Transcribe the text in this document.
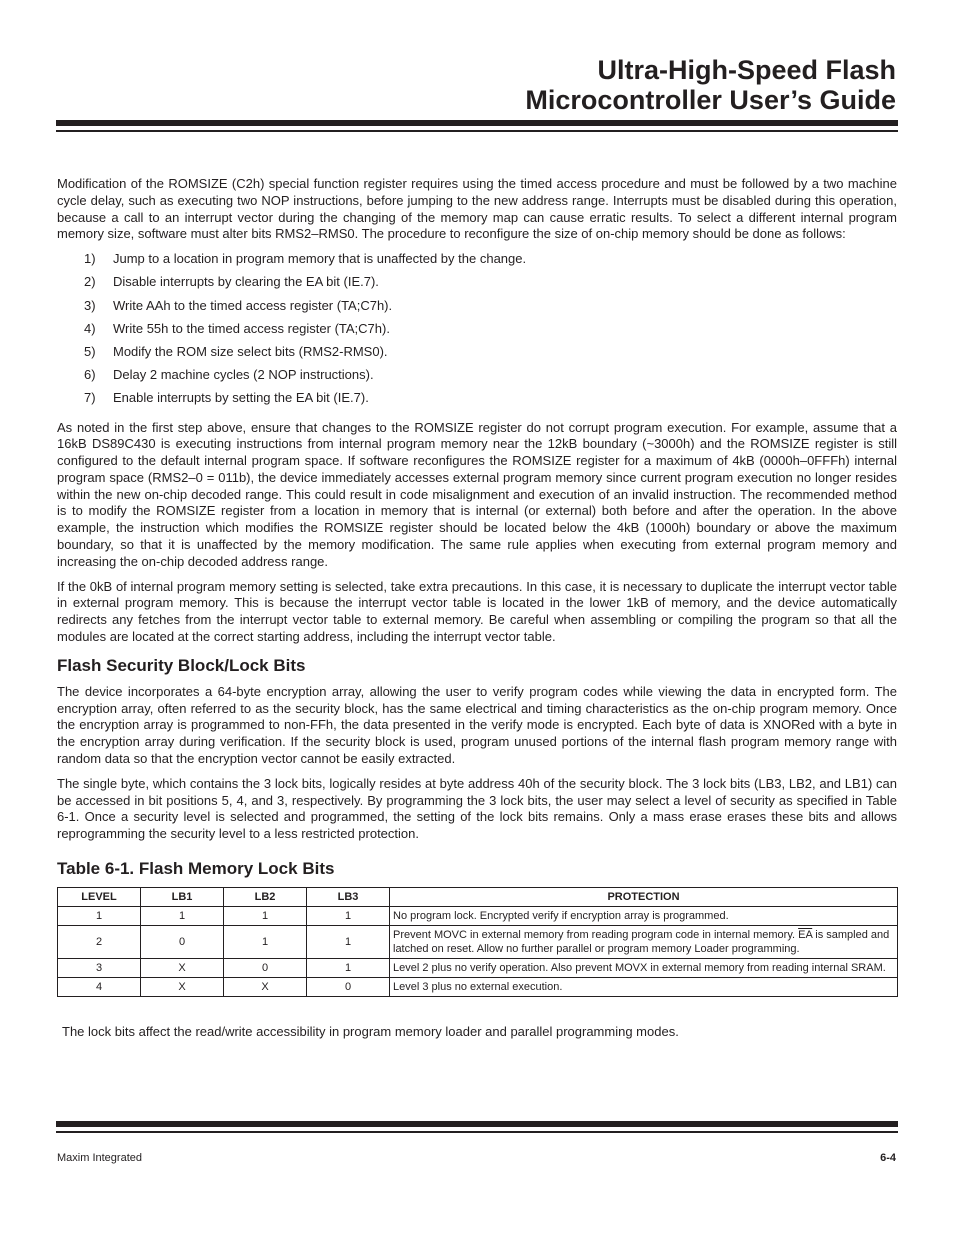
Ultra-High-Speed Flash
Microcontroller User’s Guide

Modification of the ROMSIZE (C2h) special function register requires using the timed access procedure and must be followed by a two machine cycle delay, such as executing two NOP instructions, before jumping to the new address range. Interrupts must be disabled during this operation, because a call to an interrupt vector during the changing of the memory map can cause erratic results. To select a different internal program memory size, software must alter bits RMS2–RMS0. The procedure to reconfigure the size of on-chip memory should be done as follows:

1)	Jump to a location in program memory that is unaffected by the change.
2)	Disable interrupts by clearing the EA bit (IE.7).
3)	Write AAh to the timed access register (TA;C7h).
4)	Write 55h to the timed access register (TA;C7h).
5)	Modify the ROM size select bits (RMS2-RMS0).
6)	Delay 2 machine cycles (2 NOP instructions).
7)	Enable interrupts by setting the EA bit (IE.7).

As noted in the first step above, ensure that changes to the ROMSIZE register do not corrupt program execution. For example, assume that a 16kB DS89C430 is executing instructions from internal program memory near the 12kB boundary (~3000h) and the ROMSIZE register is still configured to the default internal program space. If software reconfigures the ROMSIZE register for a maximum of 4kB (0000h–0FFFh) internal program space (RMS2–0 = 011b), the device immediately accesses external program memory since current program execution no longer resides within the new on-chip decoded range. This could result in code misalignment and execution of an invalid instruction. The recommended method is to modify the ROMSIZE register from a location in memory that is internal (or external) both before and after the operation. In the above example, the instruction which modifies the ROMSIZE register should be located below the 4kB (1000h) boundary or above the maximum boundary, so that it is unaffected by the memory modification. The same rule applies when executing from external program memory and increasing the on-chip decoded address range.

If the 0kB of internal program memory setting is selected, take extra precautions. In this case, it is necessary to duplicate the interrupt vector table in external program memory. This is because the interrupt vector table is located in the lower 1kB of memory, and the device automatically redirects any fetches from the interrupt vector table to external memory. Be careful when assembling or compiling the program so that all the modules are located at the correct starting address, including the interrupt vector table.

Flash Security Block/Lock Bits

The device incorporates a 64-byte encryption array, allowing the user to verify program codes while viewing the data in encrypted form. The encryption array, often referred to as the security block, has the same electrical and timing characteristics as the on-chip program memory. Once the encryption array is programmed to non-FFh, the data presented in the verify mode is encrypted. Each byte of data is XNORed with a byte in the encryption array during verification. If the security block is used, program unused portions of the internal flash program memory range with random data so that the encryption vector cannot be easily extracted.

The single byte, which contains the 3 lock bits, logically resides at byte address 40h of the security block. The 3 lock bits (LB3, LB2, and LB1) can be accessed in bit positions 5, 4, and 3, respectively. By programming the 3 lock bits, the user may select a level of security as specified in Table 6-1. Once a security level is selected and programmed, the setting of the lock bits remains. Only a mass erase erases these bits and allows reprogramming the security level to a less restricted protection.

Table 6-1. Flash Memory Lock Bits
LEVEL	LB1	LB2	LB3	PROTECTION
1	1	1	1	No program lock. Encrypted verify if encryption array is programmed.
2	0	1	1	Prevent MOVC in external memory from reading program code in internal memory. $\overline{EA}$ is sampled and latched on reset. Allow no further parallel or program memory Loader programming.
3	X	0	1	Level 2 plus no verify operation. Also prevent MOVX in external memory from reading internal SRAM.
4	X	X	0	Level 3 plus no external execution.

The lock bits affect the read/write accessibility in program memory loader and parallel programming modes.

Maxim Integrated	6-4
